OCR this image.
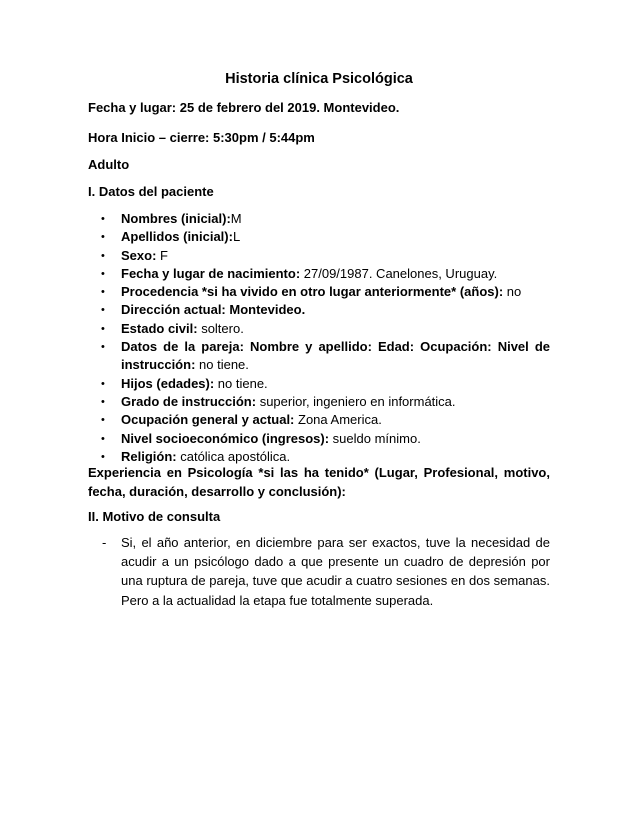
Historia clínica Psicológica
Fecha y lugar: 25 de febrero del 2019. Montevideo.
Hora Inicio – cierre: 5:30pm / 5:44pm
Adulto
I. Datos del paciente
• Nombres (inicial):M
• Apellidos (inicial):L
• Sexo: F
• Fecha y lugar de nacimiento: 27/09/1987. Canelones, Uruguay.
• Procedencia *si ha vivido en otro lugar anteriormente* (años): no
• Dirección actual: Montevideo.
• Estado civil: soltero.
• Datos de la pareja: Nombre y apellido: Edad: Ocupación: Nivel de instrucción: no tiene.
• Hijos (edades): no tiene.
• Grado de instrucción: superior, ingeniero en informática.
• Ocupación general y actual: Zona America.
• Nivel socioeconómico (ingresos): sueldo mínimo.
• Religión: católica apostólica.
Experiencia en Psicología *si las ha tenido* (Lugar, Profesional, motivo, fecha, duración, desarrollo y conclusión):
II. Motivo de consulta
- Si, el año anterior, en diciembre para ser exactos, tuve la necesidad de acudir a un psicólogo dado a que presente un cuadro de depresión por una ruptura de pareja, tuve que acudir a cuatro sesiones en dos semanas. Pero a la actualidad la etapa fue totalmente superada.
